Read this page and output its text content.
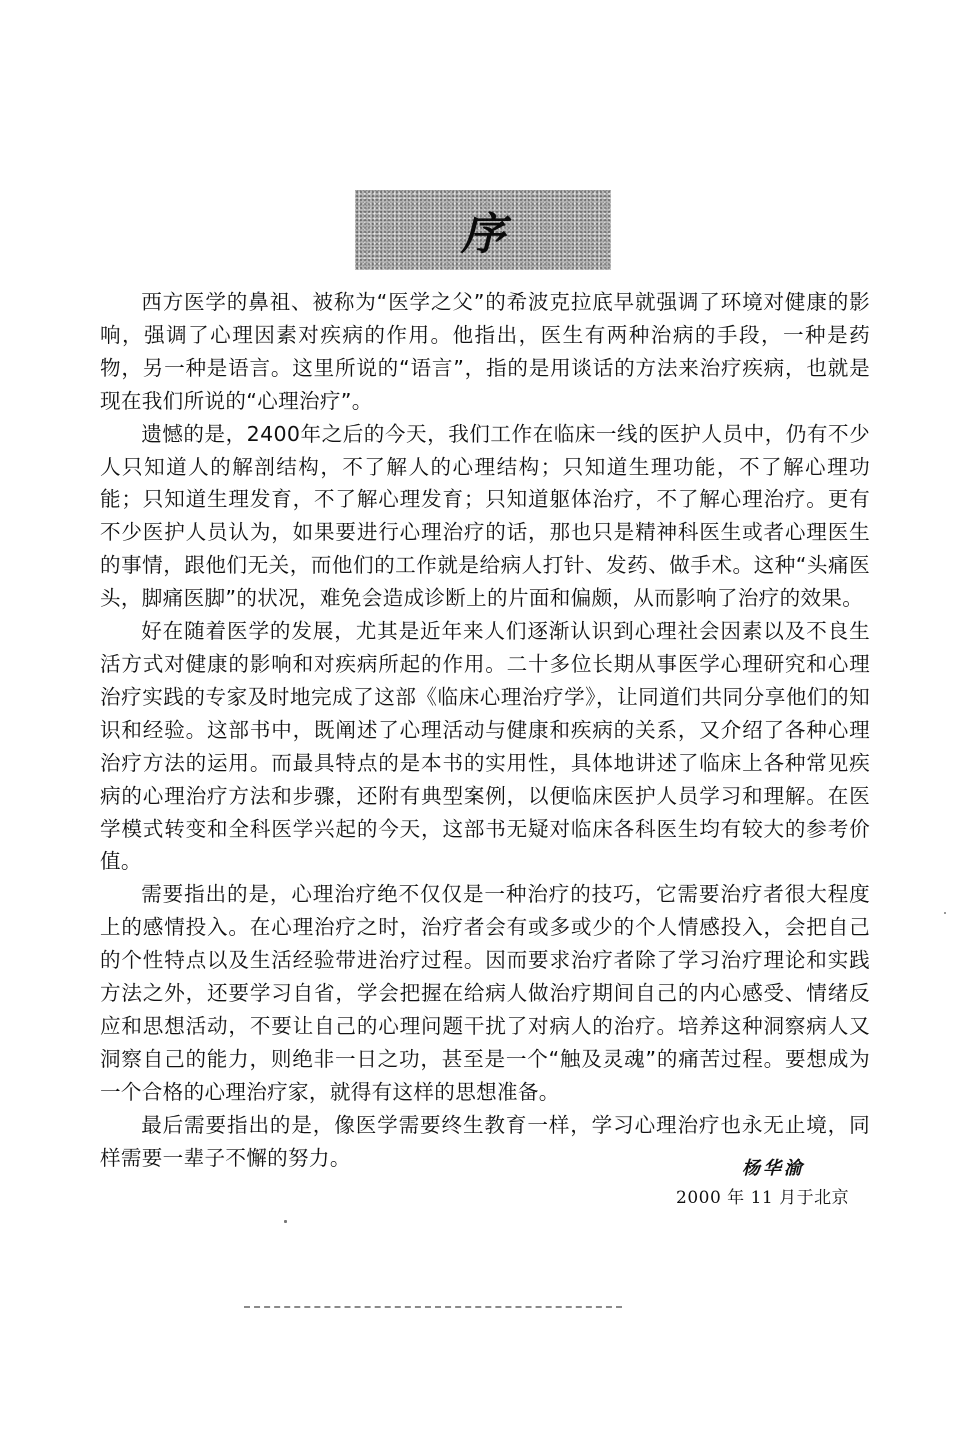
序

西方医学的鼻祖、被称为“医学之父”的希波克拉底早就强调了环境对健康的影响，强调了心理因素对疾病的作用。他指出，医生有两种治病的手段，一种是药物，另一种是语言。这里所说的“语言”，指的是用谈话的方法来治疗疾病，也就是现在我们所说的“心理治疗”。

遗憾的是，2400年之后的今天，我们工作在临床一线的医护人员中，仍有不少人只知道人的解剖结构，不了解人的心理结构；只知道生理功能，不了解心理功能；只知道生理发育，不了解心理发育；只知道躯体治疗，不了解心理治疗。更有不少医护人员认为，如果要进行心理治疗的话，那也只是精神科医生或者心理医生的事情，跟他们无关，而他们的工作就是给病人打针、发药、做手术。这种“头痛医头，脚痛医脚”的状况，难免会造成诊断上的片面和偏颇，从而影响了治疗的效果。

好在随着医学的发展，尤其是近年来人们逐渐认识到心理社会因素以及不良生活方式对健康的影响和对疾病所起的作用。二十多位长期从事医学心理研究和心理治疗实践的专家及时地完成了这部《临床心理治疗学》，让同道们共同分享他们的知识和经验。这部书中，既阐述了心理活动与健康和疾病的关系，又介绍了各种心理治疗方法的运用。而最具特点的是本书的实用性，具体地讲述了临床上各种常见疾病的心理治疗方法和步骤，还附有典型案例，以便临床医护人员学习和理解。在医学模式转变和全科医学兴起的今天，这部书无疑对临床各科医生均有较大的参考价值。

需要指出的是，心理治疗绝不仅仅是一种治疗的技巧，它需要治疗者很大程度上的感情投入。在心理治疗之时，治疗者会有或多或少的个人情感投入，会把自己的个性特点以及生活经验带进治疗过程。因而要求治疗者除了学习治疗理论和实践方法之外，还要学习自省，学会把握在给病人做治疗期间自己的内心感受、情绪反应和思想活动，不要让自己的心理问题干扰了对病人的治疗。培养这种洞察病人又洞察自己的能力，则绝非一日之功，甚至是一个“触及灵魂”的痛苦过程。要想成为一个合格的心理治疗家，就得有这样的思想准备。

最后需要指出的是，像医学需要终生教育一样，学习心理治疗也永无止境，同样需要一辈子不懈的努力。	杨华渝
2000 年 11 月于北京
